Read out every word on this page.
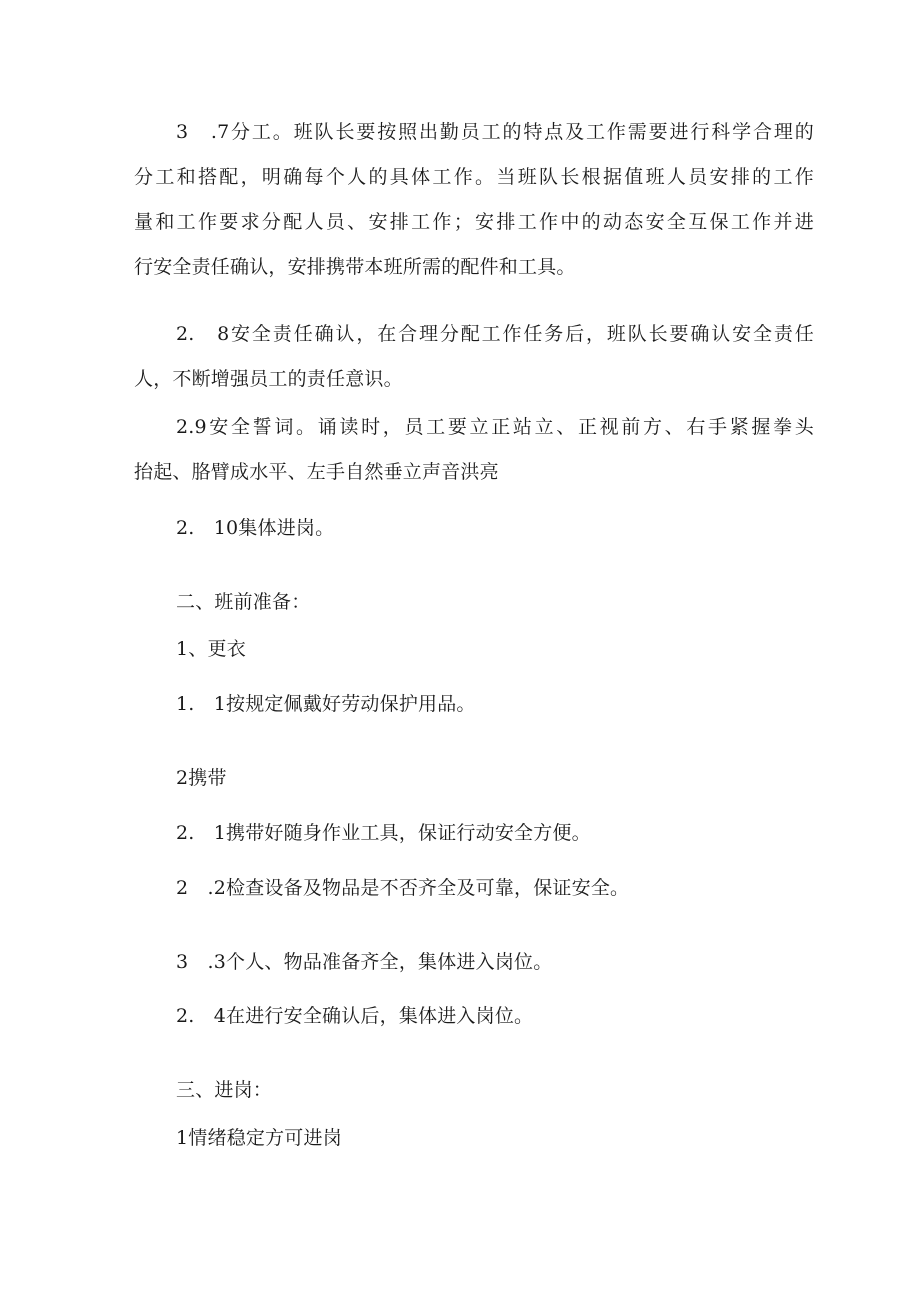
3　.7分工。班队长要按照出勤员工的特点及工作需要进行科学合理的
分工和搭配，明确每个人的具体工作。当班队长根据值班人员安排的工作
量和工作要求分配人员、安排工作；安排工作中的动态安全互保工作并进
行安全责任确认，安排携带本班所需的配件和工具。
2.　8安全责任确认，在合理分配工作任务后，班队长要确认安全责任
人，不断增强员工的责任意识。
2.9安全誓词。诵读时，员工要立正站立、正视前方、右手紧握拳头
抬起、胳臂成水平、左手自然垂立声音洪亮
2.　10集体进岗。
二、班前准备：
1、更衣
1.　1按规定佩戴好劳动保护用品。
2携带
2.　1携带好随身作业工具，保证行动安全方便。
2　.2检查设备及物品是不否齐全及可靠，保证安全。
3　.3个人、物品准备齐全，集体进入岗位。
2.　4在进行安全确认后，集体进入岗位。
三、进岗：
1情绪稳定方可进岗
